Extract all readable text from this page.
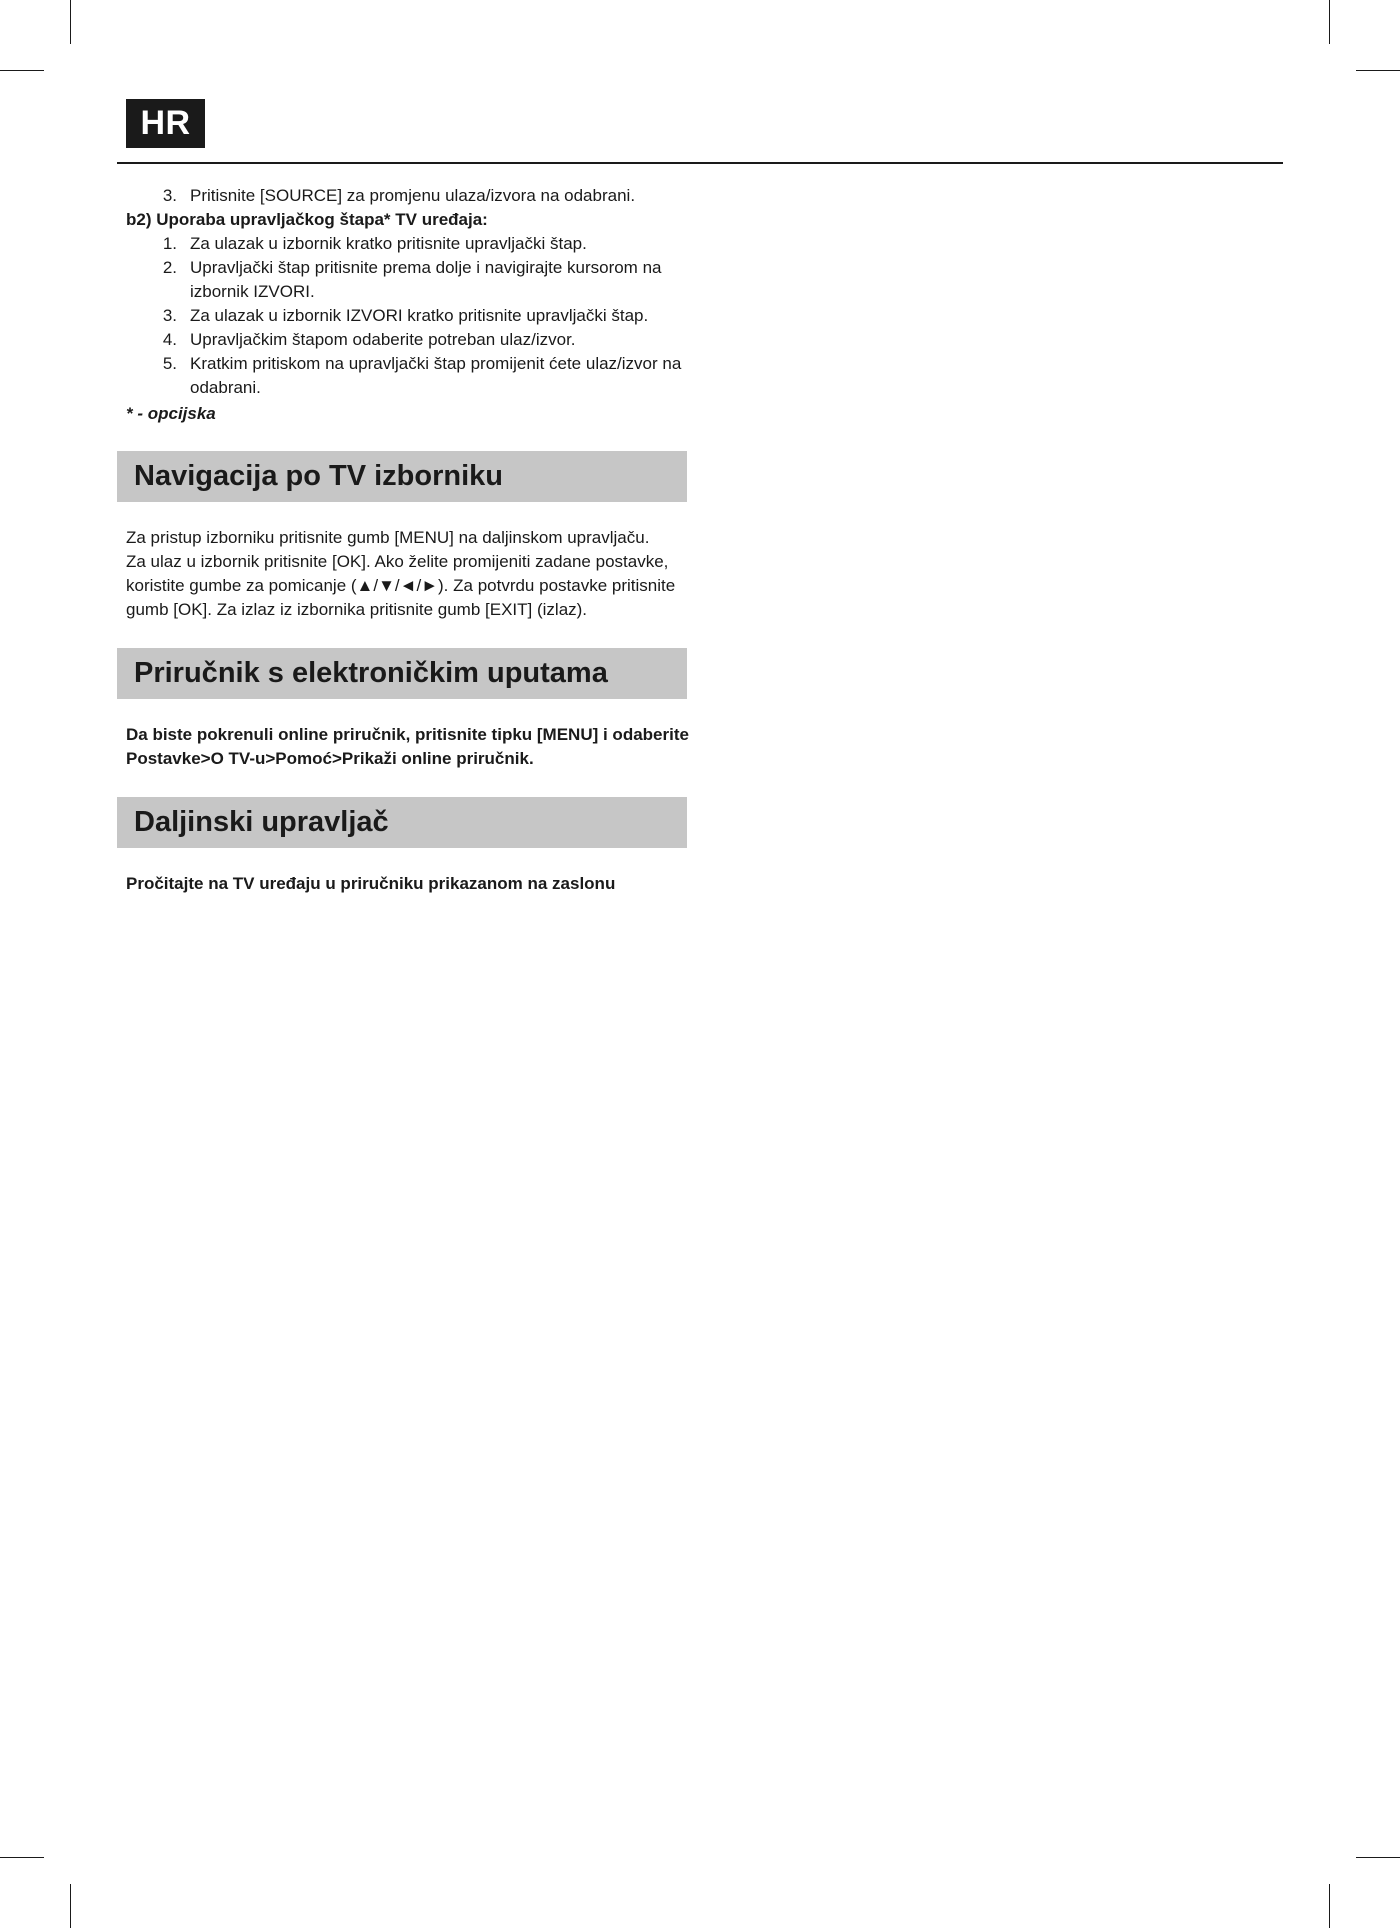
HR
3. Pritisnite [SOURCE] za promjenu ulaza/izvora na odabrani.

b2) Uporaba upravljačkog štapa* TV uređaja:

1. Za ulazak u izbornik kratko pritisnite upravljački štap.
2. Upravljački štap pritisnite prema dolje i navigirajte kursorom na izbornik IZVORI.
3. Za ulazak u izbornik IZVORI kratko pritisnite upravljački štap.
4. Upravljačkim štapom odaberite potreban ulaz/izvor.
5. Kratkim pritiskom na upravljački štap promijenit ćete ulaz/izvor na odabrani.

* - opcijska

Navigacija po TV izborniku

Za pristup izborniku pritisnite gumb [MENU] na daljinskom upravljaču.

Za ulaz u izbornik pritisnite [OK]. Ako želite promijeniti zadane postavke,

koristite gumbe za pomicanje (▲/▼/◄/►). Za potvrdu postavke pritisnite

gumb [OK]. Za izlaz iz izbornika pritisnite gumb [EXIT] (izlaz).

Priručnik s elektroničkim uputama

Da biste pokrenuli online priručnik, pritisnite tipku [MENU] i odaberite

Postavke>O TV-u>Pomoć>Prikaži online priručnik.

Daljinski upravljač

Pročitajte na TV uređaju u priručniku prikazanom na zaslonu
